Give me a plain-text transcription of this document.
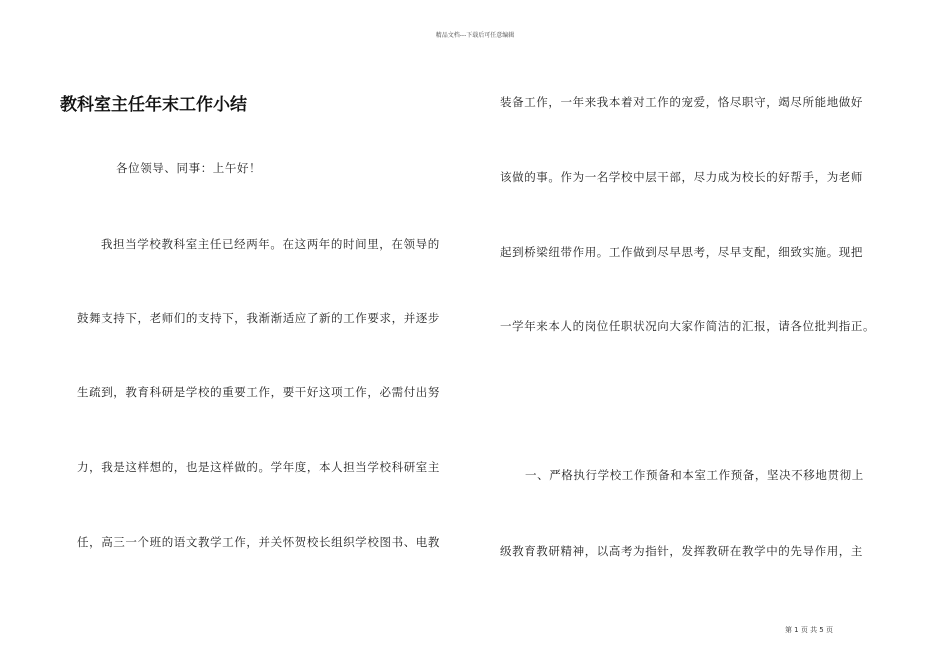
精品文档---下载后可任意编辑
教科室主任年末工作小结
各位领导、同事：上午好！
我担当学校教科室主任已经两年。在这两年的时间里，在领导的
鼓舞支持下，老师们的支持下，我渐渐适应了新的工作要求，并逐步
生疏到，教育科研是学校的重要工作，要干好这项工作，必需付出努
力，我是这样想的，也是这样做的。学年度，本人担当学校科研室主
任，高三一个班的语文教学工作，并关怀贺校长组织学校图书、电教
装备工作，一年来我本着对工作的宠爱，恪尽职守，竭尽所能地做好
该做的事。作为一名学校中层干部，尽力成为校长的好帮手，为老师
起到桥梁纽带作用。工作做到尽早思考，尽早支配，细致实施。现把
一学年来本人的岗位任职状况向大家作简洁的汇报，请各位批判指正。
一、严格执行学校工作预备和本室工作预备，坚决不移地贯彻上
级教育教研精神，以高考为指针，发挥教研在教学中的先导作用，主
第 1 页 共 5 页
